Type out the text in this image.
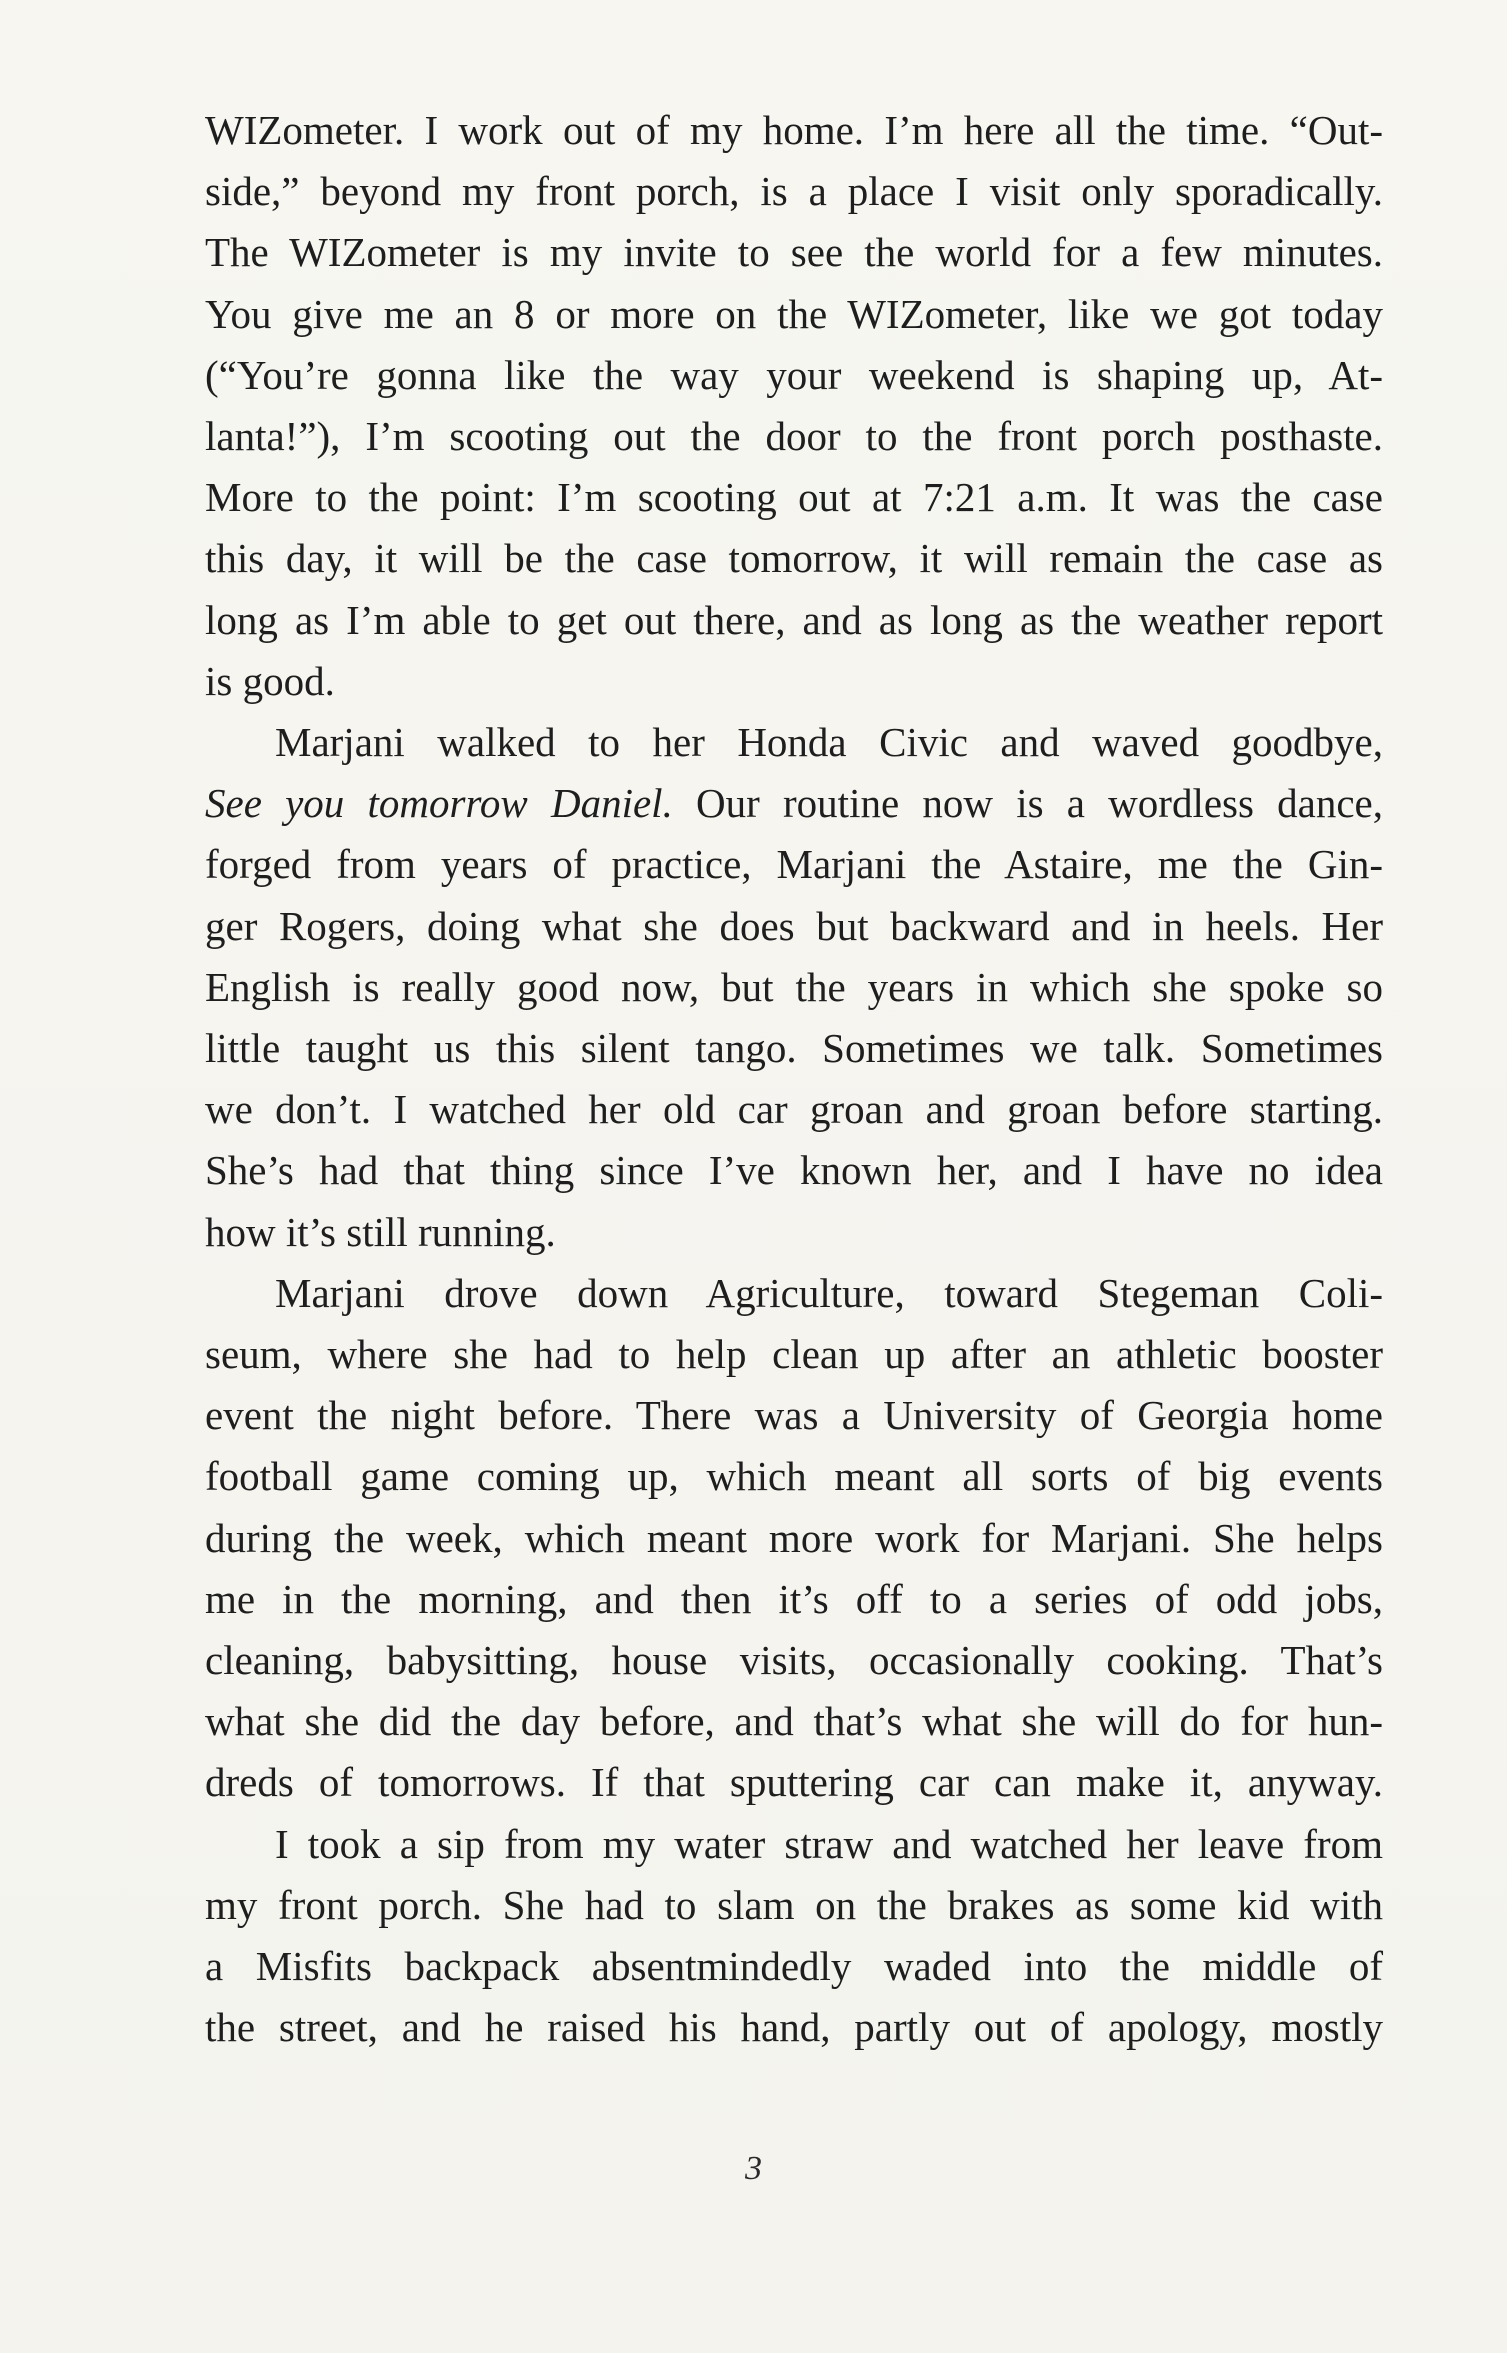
WIZometer. I work out of my home. I’m here all the time. “Out-
side,” beyond my front porch, is a place I visit only sporadically.
The WIZometer is my invite to see the world for a few minutes.
You give me an 8 or more on the WIZometer, like we got today
(“You’re gonna like the way your weekend is shaping up, At-
lanta!”), I’m scooting out the door to the front porch posthaste.
More to the point: I’m scooting out at 7:21 a.m. It was the case
this day, it will be the case tomorrow, it will remain the case as
long as I’m able to get out there, and as long as the weather report
is good.

Marjani walked to her Honda Civic and waved goodbye,
See you tomorrow Daniel. Our routine now is a wordless dance,
forged from years of practice, Marjani the Astaire, me the Gin-
ger Rogers, doing what she does but backward and in heels. Her
English is really good now, but the years in which she spoke so
little taught us this silent tango. Sometimes we talk. Sometimes
we don’t. I watched her old car groan and groan before starting.
She’s had that thing since I’ve known her, and I have no idea
how it’s still running.

Marjani drove down Agriculture, toward Stegeman Coli-
seum, where she had to help clean up after an athletic booster
event the night before. There was a University of Georgia home
football game coming up, which meant all sorts of big events
during the week, which meant more work for Marjani. She helps
me in the morning, and then it’s off to a series of odd jobs,
cleaning, babysitting, house visits, occasionally cooking. That’s
what she did the day before, and that’s what she will do for hun-
dreds of tomorrows. If that sputtering car can make it, anyway.

I took a sip from my water straw and watched her leave from
my front porch. She had to slam on the brakes as some kid with
a Misfits backpack absentmindedly waded into the middle of
the street, and he raised his hand, partly out of apology, mostly

3
